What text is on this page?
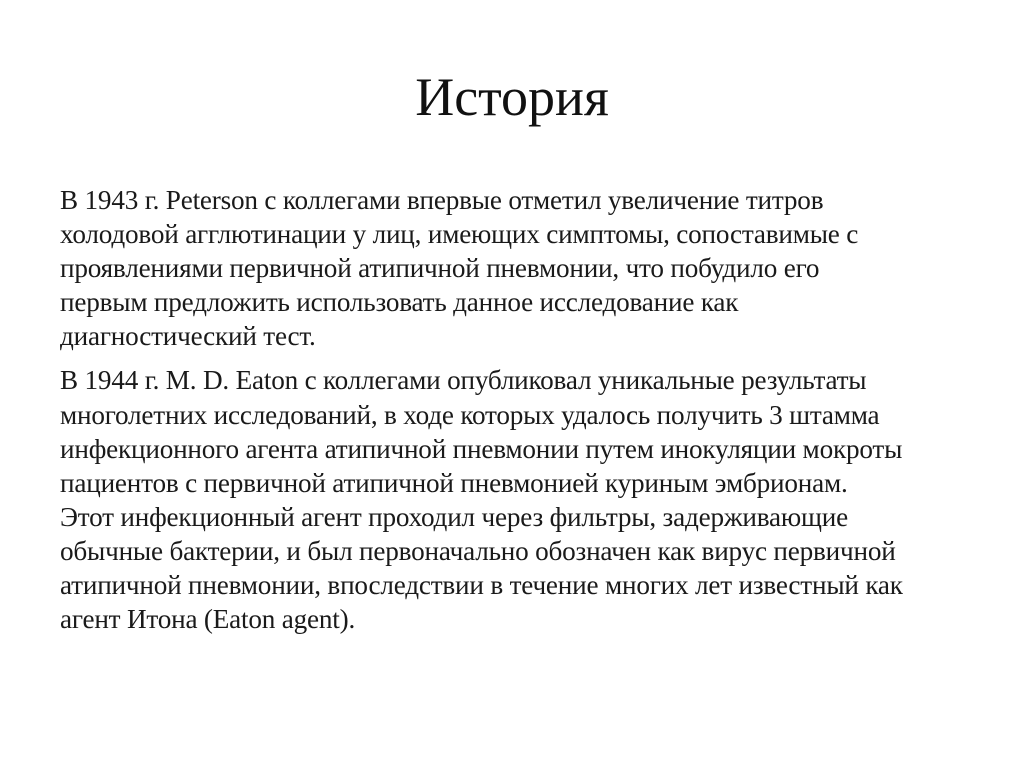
История

В 1943 г. Peterson с коллегами впервые отметил увеличение титров
холодовой агглютинации у лиц, имеющих симптомы, сопоставимые с
проявлениями первичной атипичной пневмонии, что побудило его
первым предложить использовать данное исследование как
диагностический тест.

В 1944 г. M. D. Eaton с коллегами опубликовал уникальные результаты
многолетних исследований, в ходе которых удалось получить 3 штамма
инфекционного агента атипичной пневмонии путем инокуляции мокроты
пациентов с первичной атипичной пневмонией куриным эмбрионам.
Этот инфекционный агент проходил через фильтры, задерживающие
обычные бактерии, и был первоначально обозначен как вирус первичной
атипичной пневмонии, впоследствии в течение многих лет известный как
агент Итона (Eaton agent).
